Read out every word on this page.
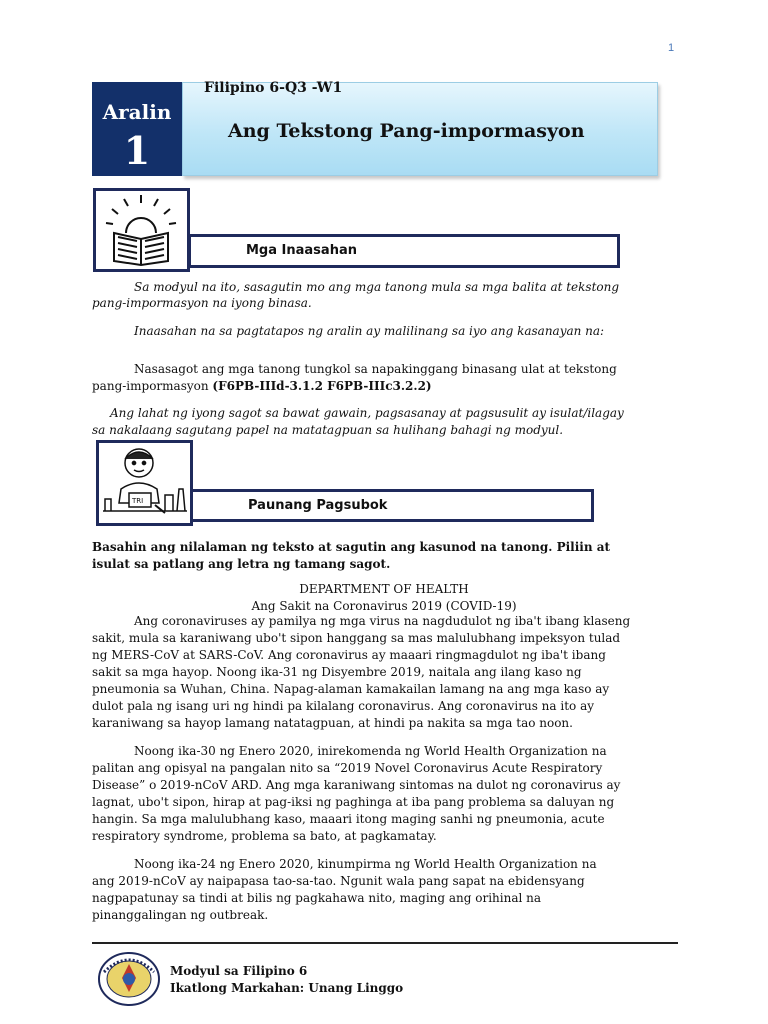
1
Aralin
1
Filipino 6-Q3 -W1
Ang Tekstong Pang-impormasyon
Mga Inaasahan
Sa modyul na ito, sasagutin mo ang mga tanong mula sa mga balita at tekstong
pang-impormasyon na iyong binasa.
Inaasahan na sa pagtatapos ng aralin ay malilinang sa iyo ang kasanayan na:
Nasasagot ang mga tanong tungkol sa napakinggang binasang ulat at tekstong
pang-impormasyon (F6PB-IIId-3.1.2 F6PB-IIIc3.2.2)
Ang lahat ng iyong sagot sa bawat gawain, pagsasanay at pagsusulit ay isulat/ilagay
sa nakalaang sagutang papel na matatagpuan sa hulihang bahagi ng modyul.
Paunang Pagsubok
TRI
Basahin ang nilalaman ng teksto at sagutin ang kasunod na tanong. Piliin at
isulat sa patlang ang letra ng tamang sagot.
DEPARTMENT OF HEALTH
Ang Sakit na Coronavirus 2019 (COVID-19)
Ang coronaviruses ay pamilya ng mga virus na nagdudulot ng iba't ibang klaseng
sakit, mula sa karaniwang ubo't sipon hanggang sa mas malulubhang impeksyon tulad
ng MERS-CoV at SARS-CoV. Ang coronavirus ay maaari ringmagdulot ng iba't ibang
sakit sa mga hayop. Noong ika-31 ng Disyembre 2019, naitala ang ilang kaso ng
pneumonia sa Wuhan, China. Napag-alaman kamakailan lamang na ang mga kaso ay
dulot pala ng isang uri ng hindi pa kilalang coronavirus. Ang coronavirus na ito ay
karaniwang sa hayop lamang natatagpuan, at hindi pa nakita sa mga tao noon.
Noong ika-30 ng Enero 2020, inirekomenda ng World Health Organization na
palitan ang opisyal na pangalan nito sa “2019 Novel Coronavirus Acute Respiratory
Disease” o 2019-nCoV ARD. Ang mga karaniwang sintomas na dulot ng coronavirus ay
lagnat, ubo't sipon, hirap at pag-iksi ng paghinga at iba pang problema sa daluyan ng
hangin. Sa mga malulubhang kaso, maaari itong maging sanhi ng pneumonia, acute
respiratory syndrome, problema sa bato, at pagkamatay.
Noong ika-24 ng Enero 2020, kinumpirma ng World Health Organization na
ang 2019-nCoV ay naipapasa tao-sa-tao. Ngunit wala pang sapat na ebidensyang
nagpapatunay sa tindi at bilis ng pagkahawa nito, maging ang orihinal na
pinanggalingan ng outbreak.
Modyul sa Filipino 6
Ikatlong Markahan: Unang Linggo
